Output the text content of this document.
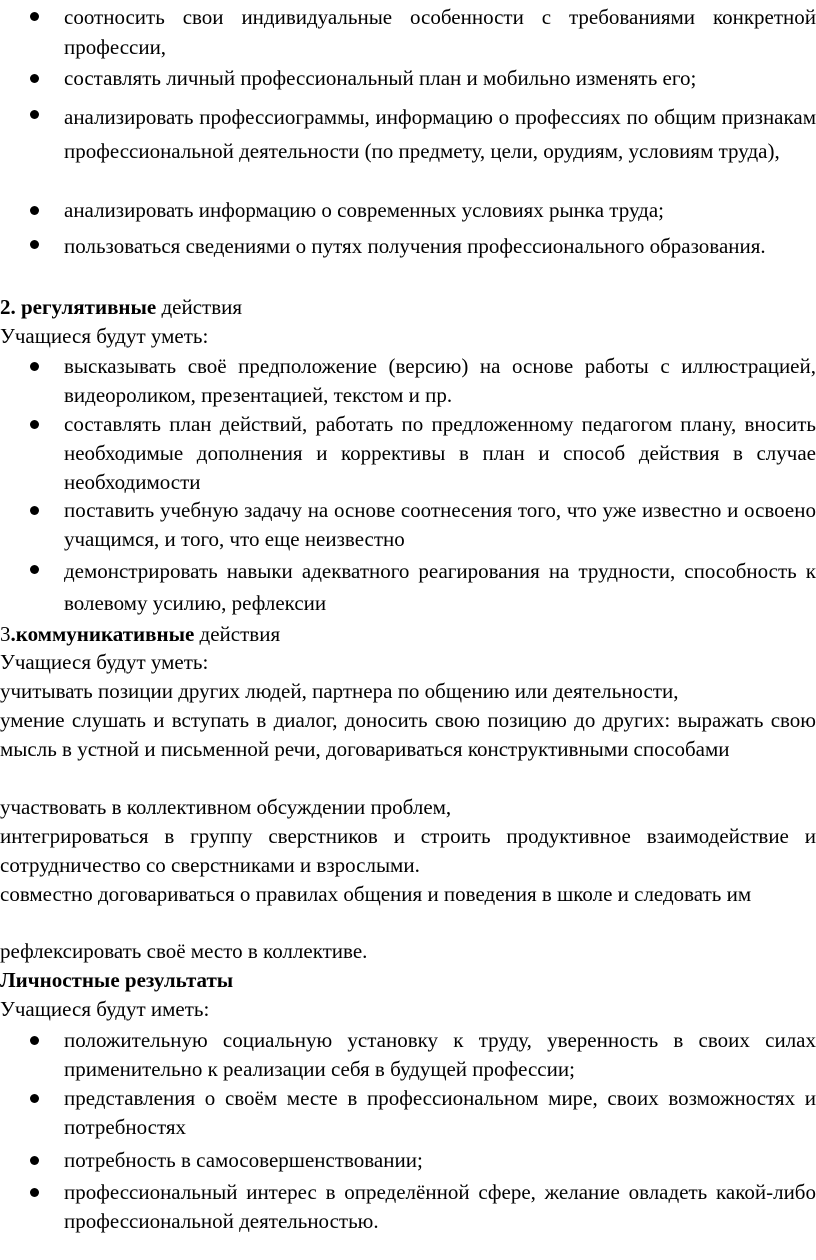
соотносить свои индивидуальные особенности с требованиями конкретной профессии,
составлять личный профессиональный план и мобильно изменять его;
анализировать профессиограммы, информацию о профессиях по общим признакам профессиональной деятельности (по предмету, цели, орудиям, условиям труда),
анализировать информацию о современных условиях рынка труда;
пользоваться сведениями о путях получения профессионального образования.
2. регулятивные действия
Учащиеся будут уметь:
высказывать своё предположение (версию) на основе работы с иллюстрацией, видеороликом, презентацией, текстом и пр.
составлять план действий, работать по предложенному педагогом плану, вносить необходимые дополнения и коррективы в план и способ действия в случае необходимости
поставить учебную задачу на основе соотнесения того, что уже известно и освоено учащимся, и того, что еще неизвестно
демонстрировать навыки адекватного реагирования на трудности, способность к волевому усилию, рефлексии
3.коммуникативные действия
Учащиеся будут уметь:
учитывать позиции других людей, партнера по общению или деятельности,
умение слушать и вступать в диалог, доносить свою позицию до других: выражать свою мысль в устной и письменной речи, договариваться конструктивными способами
участвовать в коллективном обсуждении проблем,
интегрироваться в группу сверстников и строить продуктивное взаимодействие и сотрудничество со сверстниками и взрослыми.
совместно договариваться о правилах общения и поведения в школе и следовать им
рефлексировать своё место в коллективе.
Личностные результаты
Учащиеся будут иметь:
положительную социальную установку к труду, уверенность в своих силах применительно к реализации себя в будущей профессии;
представления о своём месте в профессиональном мире, своих возможностях и потребностях
потребность в самосовершенствовании;
профессиональный интерес в определённой сфере, желание овладеть какой-либо профессиональной деятельностью.
